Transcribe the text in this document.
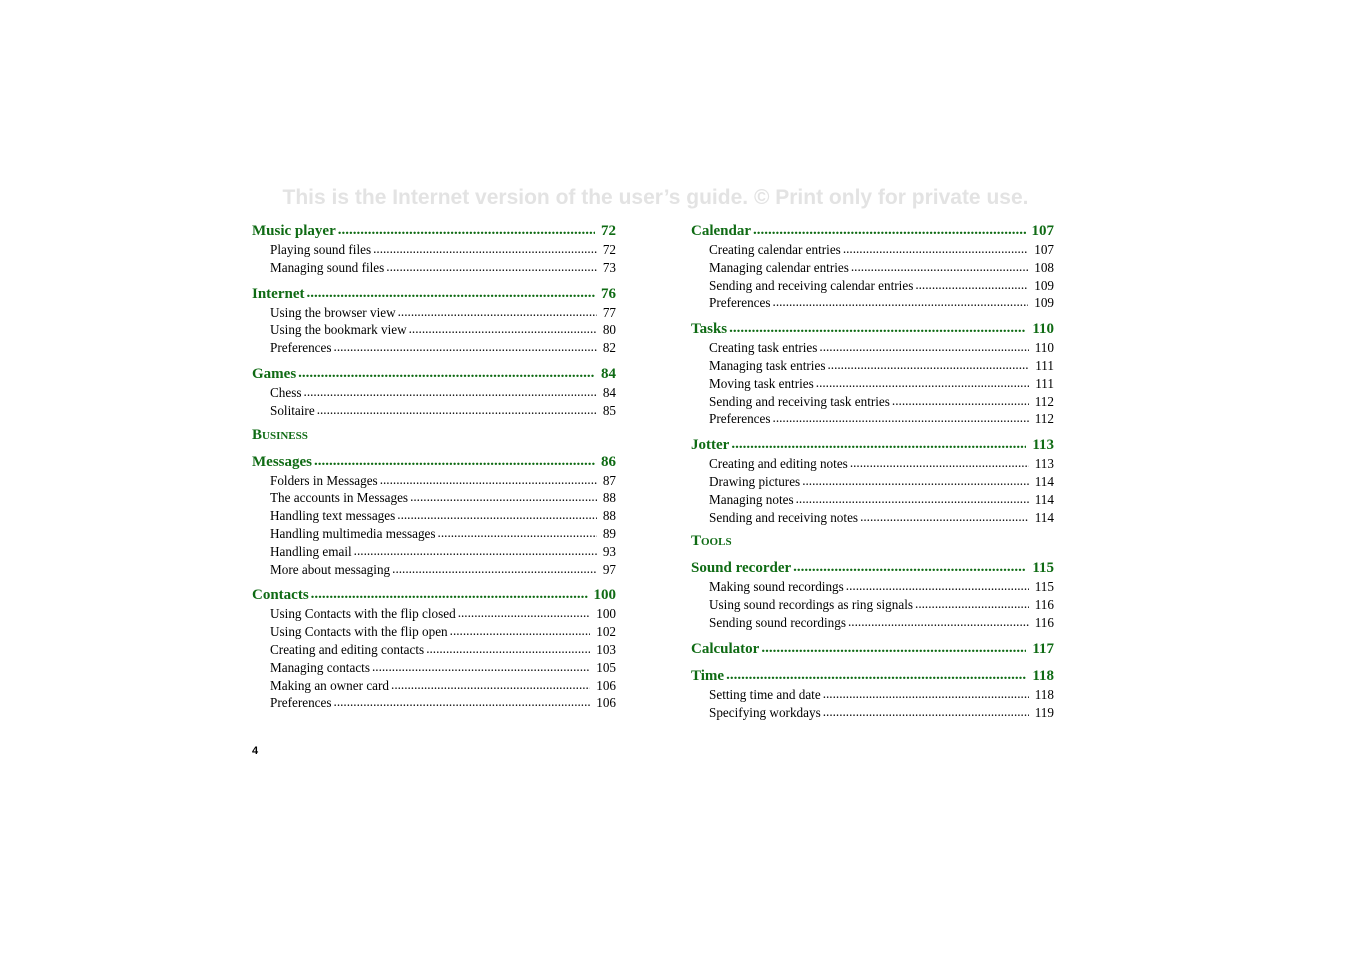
This is the Internet version of the user’s guide. © Print only for private use.
Music player .....	72
Playing sound files .....	72
Managing sound files .....	73
Internet .....	76
Using the browser view .....	77
Using the bookmark view .....	80
Preferences .....	82
Games .....	84
Chess .....	84
Solitaire .....	85
Business
Messages .....	86
Folders in Messages .....	87
The accounts in Messages .....	88
Handling text messages .....	88
Handling multimedia messages .....	89
Handling email .....	93
More about messaging .....	97
Contacts .....	100
Using Contacts with the flip closed .....	100
Using Contacts with the flip open .....	102
Creating and editing contacts .....	103
Managing contacts .....	105
Making an owner card .....	106
Preferences .....	106
Calendar .....	107
Creating calendar entries .....	107
Managing calendar entries .....	108
Sending and receiving calendar entries .....	109
Preferences .....	109
Tasks .....	110
Creating task entries .....	110
Managing task entries .....	111
Moving task entries .....	111
Sending and receiving task entries .....	112
Preferences .....	112
Jotter .....	113
Creating and editing notes .....	113
Drawing pictures .....	114
Managing notes .....	114
Sending and receiving notes .....	114
Tools
Sound recorder .....	115
Making sound recordings .....	115
Using sound recordings as ring signals .....	116
Sending sound recordings .....	116
Calculator .....	117
Time .....	118
Setting time and date .....	118
Specifying workdays .....	119
4
